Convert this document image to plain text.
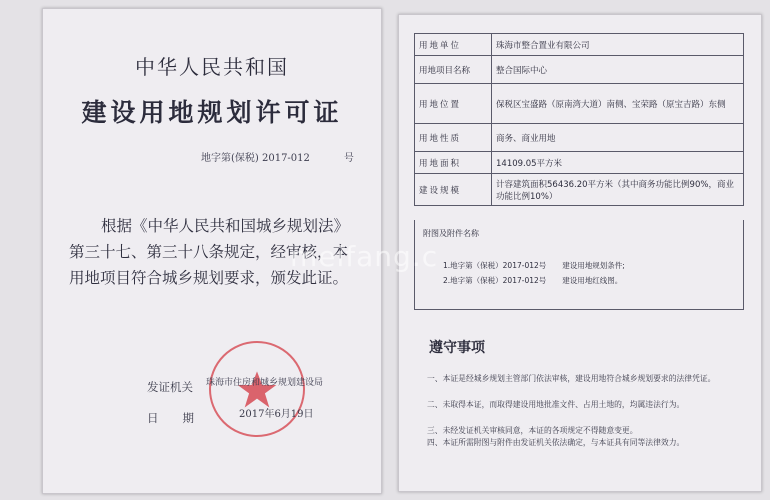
中华人民共和国
建设用地规划许可证
地字第(保税) 2017-012	号
根据《中华人民共和国城乡规划法》第三十七、第三十八条规定，经审核，本用地项目符合城乡规划要求，颁发此证。
发证机关 珠海市住房和城乡规划建设局
日期 2017年6月19日
用地单位	珠海市整合置业有限公司
用地项目名称	整合国际中心
用地位置	保税区宝盛路（原南湾大道）南侧、宝荣路（原宝吉路）东侧
用地性质	商务、商业用地
用地面积	14109.05平方米
建设规模	计容建筑面积56436.20平方米（其中商务功能比例90%，商业功能比例10%）
附图及附件名称
1.地字第（保税）2017-012号 建设用地规划条件;
2.地字第（保税）2017-012号 建设用地红线图。
遵守事项
一、本证是经城乡规划主管部门依法审核，建设用地符合城乡规划要求的法律凭证。
二、未取得本证，而取得建设用地批准文件、占用土地的，均属违法行为。
三、未经发证机关审核同意，本证的各项规定不得随意变更。
四、本证所需附图与附件由发证机关依法确定，与本证具有同等法律效力。
meifang.c
